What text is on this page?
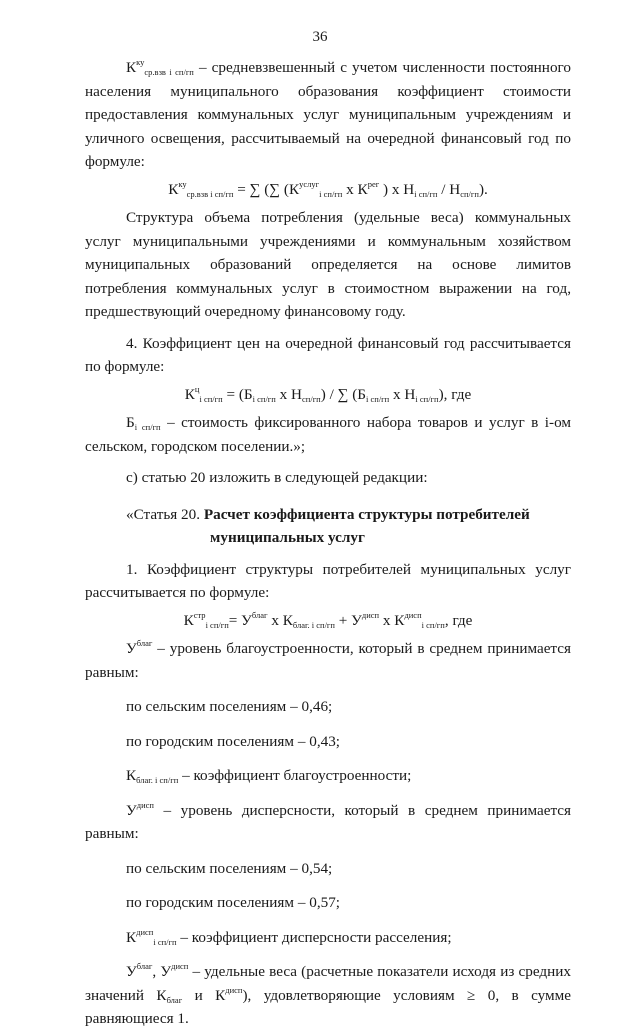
36

$К^{ку}_{ср.взв i сп/гп}$ – средневзвешенный с учетом численности постоянного населения муниципального образования коэффициент стоимости предоставления коммунальных услуг муниципальным учреждениям и уличного освещения, рассчитываемый на очередной финансовый год по формуле:

$К^{ку}_{ср.взв i сп/гп}$ = ∑ (∑ ($К^{услуг}_{i сп/гп}$ x $К^{рег}$ ) x $Н_{i сп/гп} / Н_{сп/гп}$).

Структура объема потребления (удельные веса) коммунальных услуг муниципальными учреждениями и коммунальным хозяйством муниципальных образований определяется на основе лимитов потребления коммунальных услуг в стоимостном выражении на год, предшествующий очередному финансовому году.

4. Коэффициент цен на очередной финансовый год рассчитывается по формуле:

$К^ц_{i сп/гп} = (Б_{i сп/гп}$ x $Н_{сп/гп}$) / ∑ ($Б_{i сп/гп}$ x $Н_{i сп/гп}$), где

$Б_{i сп/гп}$ – стоимость фиксированного набора товаров и услуг в i-ом сельском, городском поселении.»;

с) статью 20 изложить в следующей редакции:

«Статья 20. Расчет коэффициента структуры потребителей

муниципальных услуг

1. Коэффициент структуры потребителей муниципальных услуг рассчитывается по формуле:

$К^{стр}_{i сп/гп}= У^{благ}$ x $К_{благ. i сп/гп} + У^{дисп}$ x $К^{дисп}_{i сп/гп}$, где

$У^{благ}$ – уровень благоустроенности, который в среднем принимается равным:

по сельским поселениям – 0,46;

по городским поселениям – 0,43;

$К_{благ. i сп/гп}$ – коэффициент благоустроенности;

$У^{дисп}$ – уровень дисперсности, который в среднем принимается равным:

по сельским поселениям – 0,54;

по городским поселениям – 0,57;

$К^{дисп}_{i сп/гп}$ – коэффициент дисперсности расселения;

$У^{благ}$, $У^{дисп}$ – удельные веса (расчетные показатели исходя из средних значений $К_{благ}$ и $К^{дисп}$), удовлетворяющие условиям ≥ 0, в сумме равняющиеся 1.
